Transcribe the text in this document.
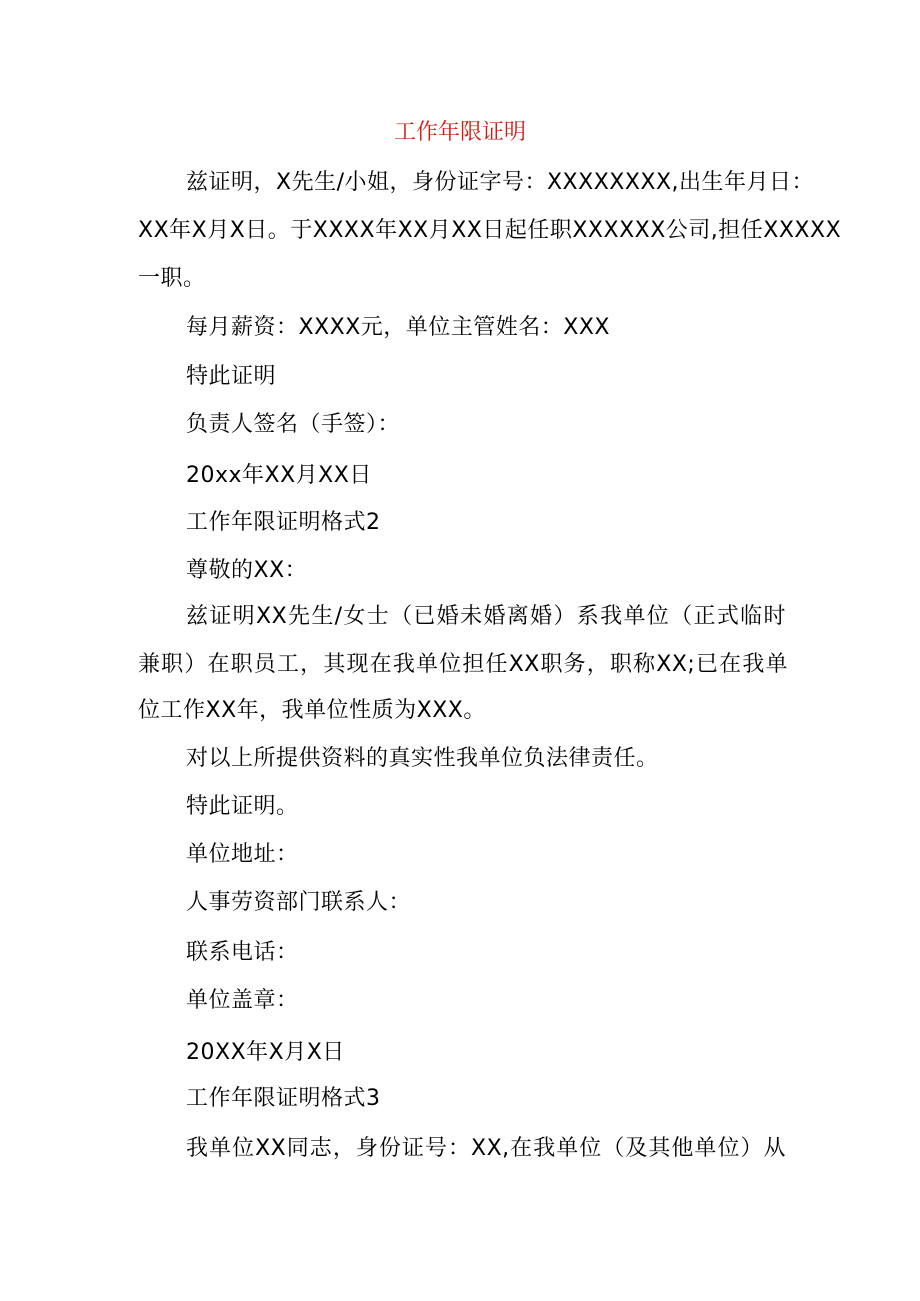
工作年限证明
兹证明，X先生/小姐，身份证字号：XXXXXXXX,出生年月日：
XX年X月X日。于XXXX年XX月XX日起任职XXXXXX公司,担任XXXXX
一职。
每月薪资：XXXX元，单位主管姓名：XXX
特此证明
负责人签名（手签）：
20xx年XX月XX日
工作年限证明格式2
尊敬的XX：
兹证明XX先生/女士（已婚未婚离婚）系我单位（正式临时
兼职）在职员工，其现在我单位担任XX职务，职称XX;已在我单
位工作XX年，我单位性质为XXX。
对以上所提供资料的真实性我单位负法律责任。
特此证明。
单位地址：
人事劳资部门联系人：
联系电话：
单位盖章：
20XX年X月X日
工作年限证明格式3
我单位XX同志，身份证号：XX,在我单位（及其他单位）从
